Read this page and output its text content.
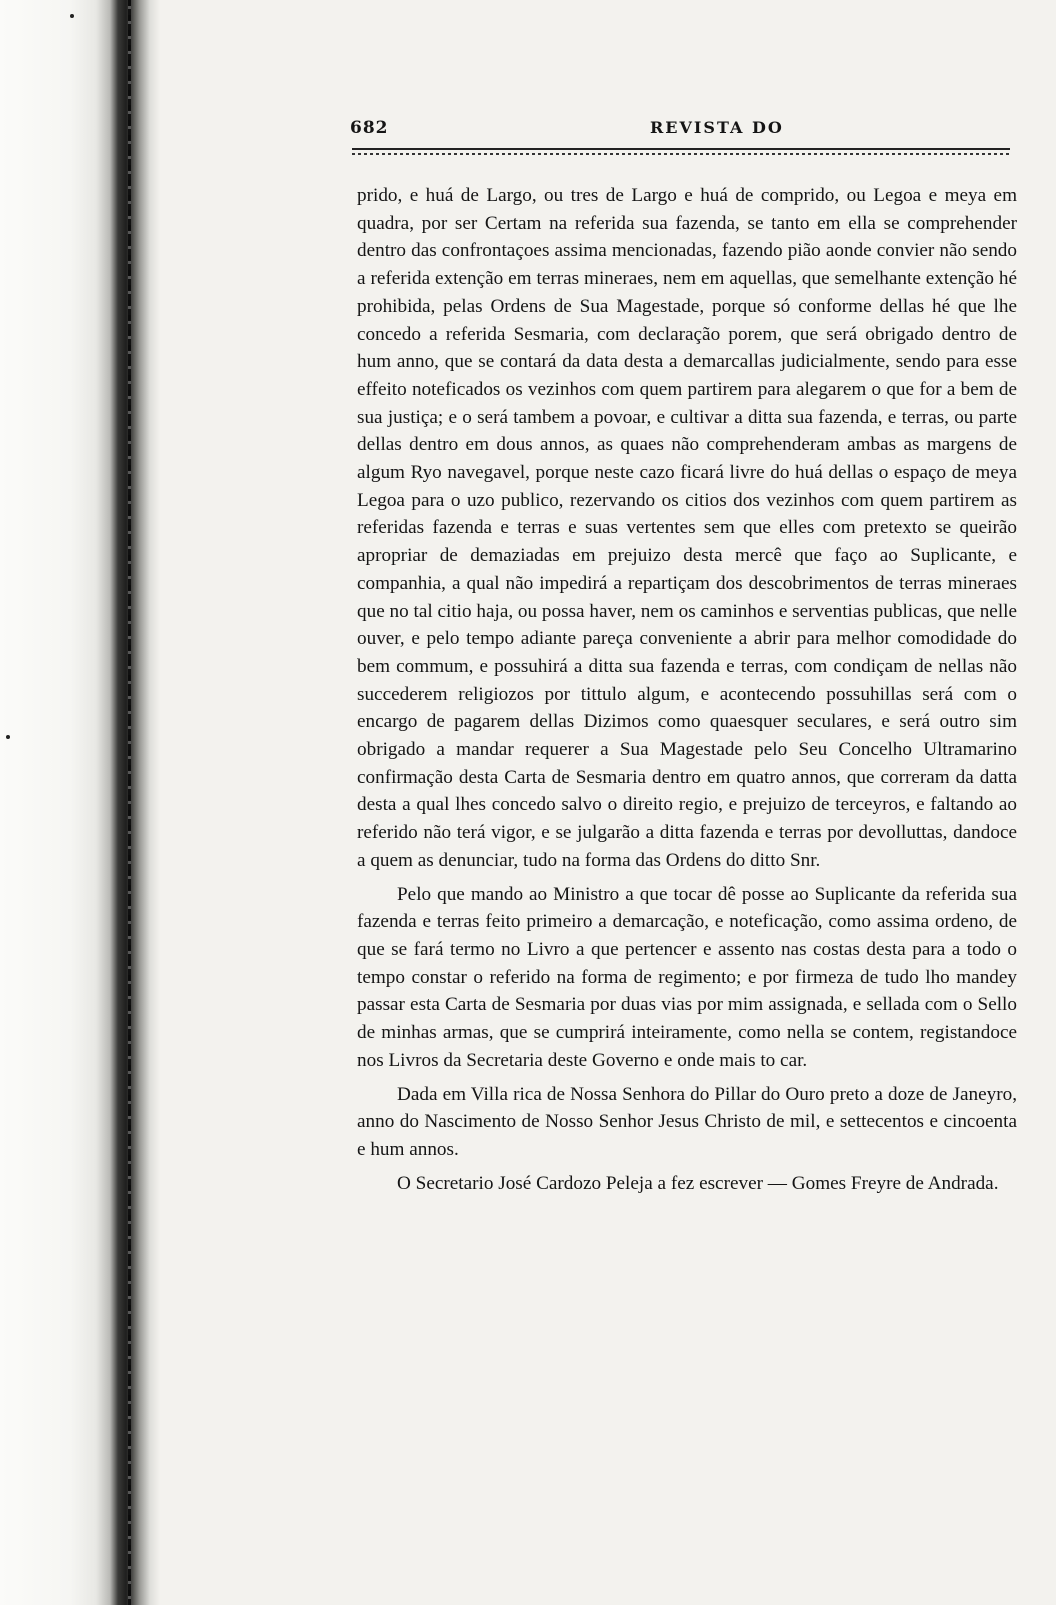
682	REVISTA DO

prido, e huá de Largo, ou tres de Largo e huá de comprido, ou Legoa e meya em quadra, por ser Certam na referida sua fazenda, se tanto em ella se comprehender dentro das confrontaçoes assima mencionadas, fazendo pião aonde convier não sendo a referida extenção em terras mineraes, nem em aquellas, que semelhante extenção hé prohibida, pelas Ordens de Sua Magestade, porque só conforme dellas hé que lhe concedo a referida Sesmaria, com declaração porem, que será obrigado dentro de hum anno, que se contará da data desta a demarcallas judicialmente, sendo para esse effeito noteficados os vezinhos com quem partirem para alegarem o que for a bem de sua justiça; e o será tambem a povoar, e cultivar a ditta sua fazenda, e terras, ou parte dellas dentro em dous annos, as quaes não comprehenderam ambas as margens de algum Ryo navegavel, porque neste cazo ficará livre do huá dellas o espaço de meya Legoa para o uzo publico, rezervando os citios dos vezinhos com quem partirem as referidas fazenda e terras e suas vertentes sem que elles com pretexto se queirão apropriar de demaziadas em prejuizo desta mercê que faço ao Suplicante, e companhia, a qual não impedirá a repartiçam dos descobrimentos de terras mineraes que no tal citio haja, ou possa haver, nem os caminhos e serventias publicas, que nelle ouver, e pelo tempo adiante pareça conveniente a abrir para melhor comodidade do bem commum, e possuhirá a ditta sua fazenda e terras, com condiçam de nellas não succederem religiozos por tittulo algum, e acontecendo possuhillas será com o encargo de pagarem dellas Dizimos como quaesquer seculares, e será outro sim obrigado a mandar requerer a Sua Magestade pelo Seu Concelho Ultramarino confirmação desta Carta de Sesmaria dentro em quatro annos, que correram da datta desta a qual lhes concedo salvo o direito regio, e prejuizo de terceyros, e faltando ao referido não terá vigor, e se julgarão a ditta fazenda e terras por devolluttas, dandoce a quem as denunciar, tudo na forma das Ordens do ditto Snr.

Pelo que mando ao Ministro a que tocar dê posse ao Suplicante da referida sua fazenda e terras feito primeiro a demarcação, e noteficação, como assima ordeno, de que se fará termo no Livro a que pertencer e assento nas costas desta para a todo o tempo constar o referido na forma de regimento; e por firmeza de tudo lho mandey passar esta Carta de Sesmaria por duas vias por mim assignada, e sellada com o Sello de minhas armas, que se cumprirá inteiramente, como nella se contem, registandoce nos Livros da Secretaria deste Governo e onde mais to car.

Dada em Villa rica de Nossa Senhora do Pillar do Ouro preto a doze de Janeyro, anno do Nascimento de Nosso Senhor Jesus Christo de mil, e settecentos e cincoenta e hum annos.

O Secretario José Cardozo Peleja a fez escrever — Gomes Freyre de Andrada.
